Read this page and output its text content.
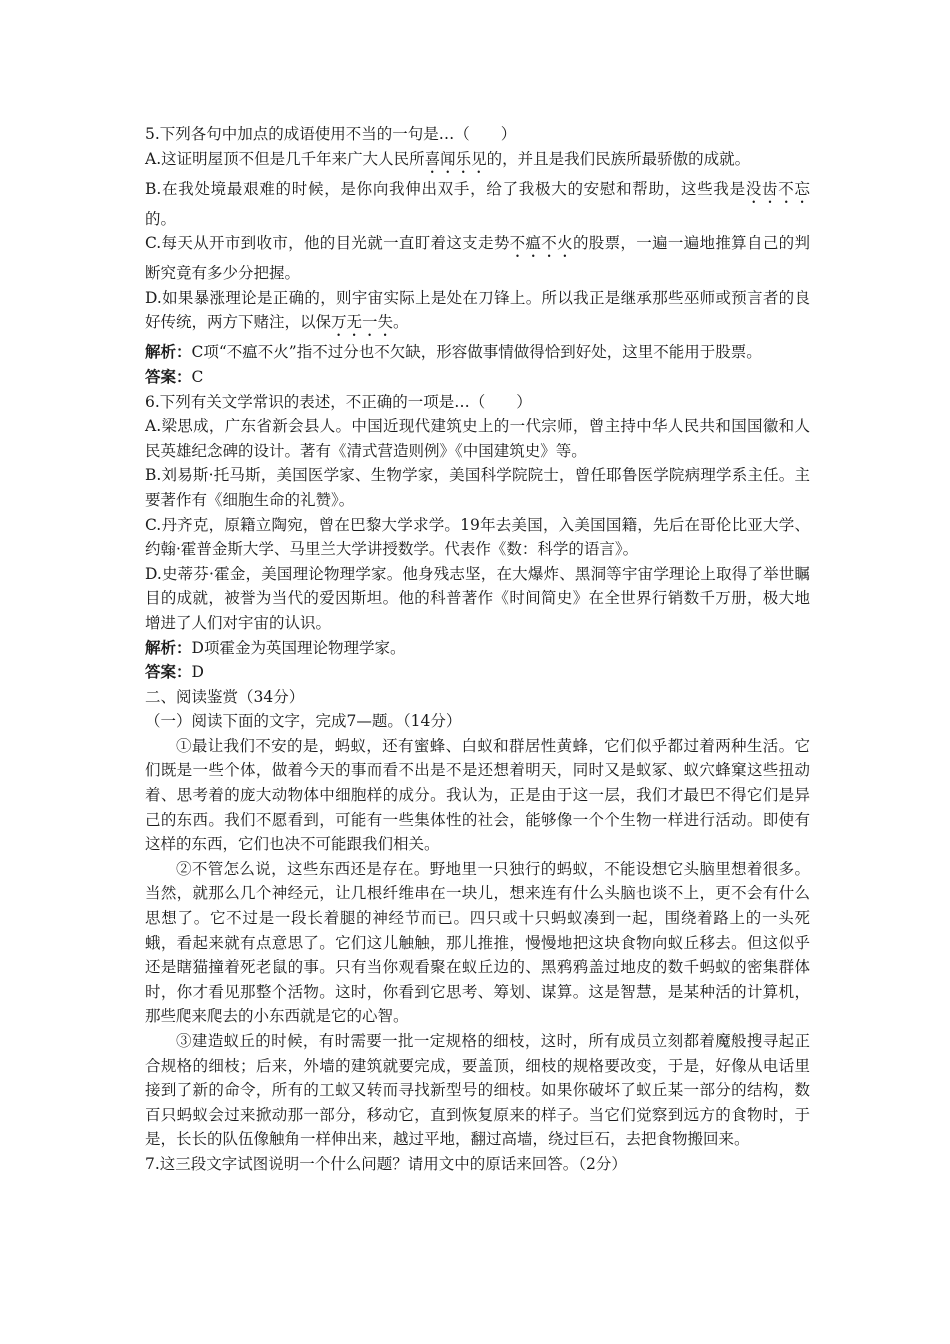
5.下列各句中加点的成语使用不当的一句是…（　　）

A.这证明屋顶不但是几千年来广大人民所喜闻乐见的，并且是我们民族所最骄傲的成就。

B.在我处境最艰难的时候，是你向我伸出双手，给了我极大的安慰和帮助，这些我是没齿不忘的。

C.每天从开市到收市，他的目光就一直盯着这支走势不瘟不火的股票，一遍一遍地推算自己的判断究竟有多少分把握。

D.如果暴涨理论是正确的，则宇宙实际上是处在刀锋上。所以我正是继承那些巫师或预言者的良好传统，两方下赌注，以保万无一失。

解析：C项“不瘟不火”指不过分也不欠缺，形容做事情做得恰到好处，这里不能用于股票。

答案：C

6.下列有关文学常识的表述，不正确的一项是…（　　）

A.梁思成，广东省新会县人。中国近现代建筑史上的一代宗师，曾主持中华人民共和国国徽和人民英雄纪念碑的设计。著有《清式营造则例》《中国建筑史》等。

B.刘易斯·托马斯，美国医学家、生物学家，美国科学院院士，曾任耶鲁医学院病理学系主任。主要著作有《细胞生命的礼赞》。

C.丹齐克，原籍立陶宛，曾在巴黎大学求学。19年去美国，入美国国籍，先后在哥伦比亚大学、约翰·霍普金斯大学、马里兰大学讲授数学。代表作《数：科学的语言》。

D.史蒂芬·霍金，美国理论物理学家。他身残志坚，在大爆炸、黑洞等宇宙学理论上取得了举世瞩目的成就，被誉为当代的爱因斯坦。他的科普著作《时间简史》在全世界行销数千万册，极大地增进了人们对宇宙的认识。

解析：D项霍金为英国理论物理学家。

答案：D

二、阅读鉴赏（34分）

（一）阅读下面的文字，完成7—题。（14分）

①最让我们不安的是，蚂蚁，还有蜜蜂、白蚁和群居性黄蜂，它们似乎都过着两种生活。它们既是一些个体，做着今天的事而看不出是不是还想着明天，同时又是蚁冢、蚁穴蜂窠这些扭动着、思考着的庞大动物体中细胞样的成分。我认为，正是由于这一层，我们才最巴不得它们是异己的东西。我们不愿看到，可能有一些集体性的社会，能够像一个个生物一样进行活动。即使有这样的东西，它们也决不可能跟我们相关。

②不管怎么说，这些东西还是存在。野地里一只独行的蚂蚁，不能设想它头脑里想着很多。当然，就那么几个神经元，让几根纤维串在一块儿，想来连有什么头脑也谈不上，更不会有什么思想了。它不过是一段长着腿的神经节而已。四只或十只蚂蚁凑到一起，围绕着路上的一头死蛾，看起来就有点意思了。它们这儿触触，那儿推推，慢慢地把这块食物向蚁丘移去。但这似乎还是瞎猫撞着死老鼠的事。只有当你观看聚在蚁丘边的、黑鸦鸦盖过地皮的数千蚂蚁的密集群体时，你才看见那整个活物。这时，你看到它思考、筹划、谋算。这是智慧，是某种活的计算机，那些爬来爬去的小东西就是它的心智。

③建造蚁丘的时候，有时需要一批一定规格的细枝，这时，所有成员立刻都着魔般搜寻起正合规格的细枝；后来，外墙的建筑就要完成，要盖顶，细枝的规格要改变，于是，好像从电话里接到了新的命令，所有的工蚁又转而寻找新型号的细枝。如果你破坏了蚁丘某一部分的结构，数百只蚂蚁会过来掀动那一部分，移动它，直到恢复原来的样子。当它们觉察到远方的食物时，于是，长长的队伍像触角一样伸出来，越过平地，翻过高墙，绕过巨石，去把食物搬回来。

7.这三段文字试图说明一个什么问题？请用文中的原话来回答。（2分）
